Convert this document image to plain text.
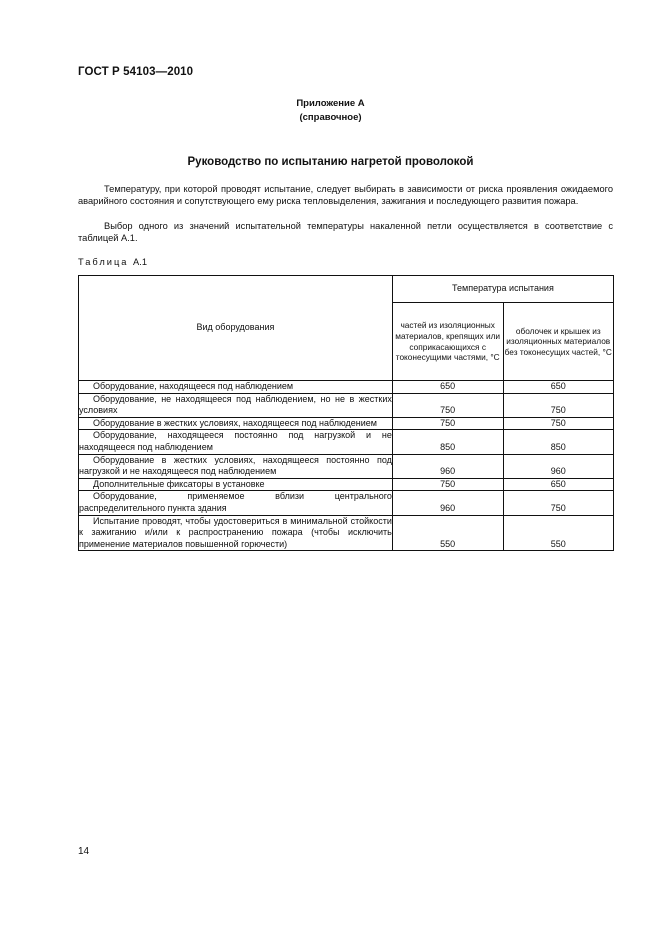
ГОСТ Р 54103—2010
Приложение А
(справочное)
Руководство по испытанию нагретой проволокой
Температуру, при которой проводят испытание, следует выбирать в зависимости от риска проявления ожидаемого аварийного состояния и сопутствующего ему риска тепловыделения, зажигания и последующего развития пожара.
Выбор одного из значений испытательной температуры накаленной петли осуществляется в соответствие с таблицей А.1.
Таблица А.1
Вид оборудования	Температура испытания	
	частей из изоляционных материалов, крепящих или соприкасающихся с токонесущими частями, °С	оболочек и крышек из изоляционных материалов без токонесущих частей, °С
Оборудование, находящееся под наблюдением	650	650
Оборудование, не находящееся под наблюдением, но не в жестких условиях	750	750
Оборудование в жестких условиях, находящееся под наблюдением	750	750
Оборудование, находящееся постоянно под нагрузкой и не находящееся под наблюдением	850	850
Оборудование в жестких условиях, находящееся постоянно под нагрузкой и не находящееся под наблюдением	960	960
Дополнительные фиксаторы в установке	750	650
Оборудование, применяемое вблизи центрального распределительного пункта здания	960	750
Испытание проводят, чтобы удостовериться в минимальной стойкости к зажиганию и/или к распространению пожара (чтобы исключить применение материалов повышенной горючести)	550	550
14
